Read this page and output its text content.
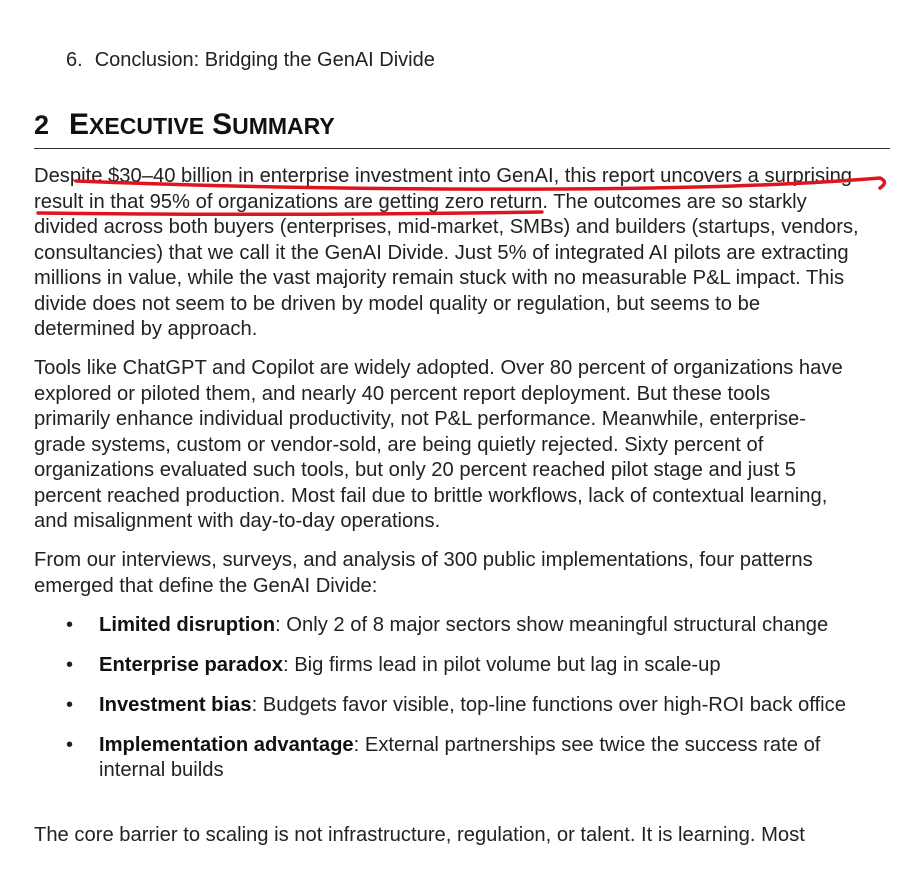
6. Conclusion: Bridging the GenAI Divide
2 EXECUTIVE SUMMARY

Despite $30–40 billion in enterprise investment into GenAI, this report uncovers a surprising
result in that 95% of organizations are getting zero return. The outcomes are so starkly
divided across both buyers (enterprises, mid-market, SMBs) and builders (startups, vendors,
consultancies) that we call it the GenAI Divide. Just 5% of integrated AI pilots are extracting
millions in value, while the vast majority remain stuck with no measurable P&L impact. This
divide does not seem to be driven by model quality or regulation, but seems to be
determined by approach.

Tools like ChatGPT and Copilot are widely adopted. Over 80 percent of organizations have
explored or piloted them, and nearly 40 percent report deployment. But these tools
primarily enhance individual productivity, not P&L performance. Meanwhile, enterprise-
grade systems, custom or vendor-sold, are being quietly rejected. Sixty percent of
organizations evaluated such tools, but only 20 percent reached pilot stage and just 5
percent reached production. Most fail due to brittle workflows, lack of contextual learning,
and misalignment with day-to-day operations.

From our interviews, surveys, and analysis of 300 public implementations, four patterns
emerged that define the GenAI Divide:

• Limited disruption: Only 2 of 8 major sectors show meaningful structural change
• Enterprise paradox: Big firms lead in pilot volume but lag in scale-up
• Investment bias: Budgets favor visible, top-line functions over high-ROI back office
• Implementation advantage: External partnerships see twice the success rate of
internal builds

The core barrier to scaling is not infrastructure, regulation, or talent. It is learning. Most
